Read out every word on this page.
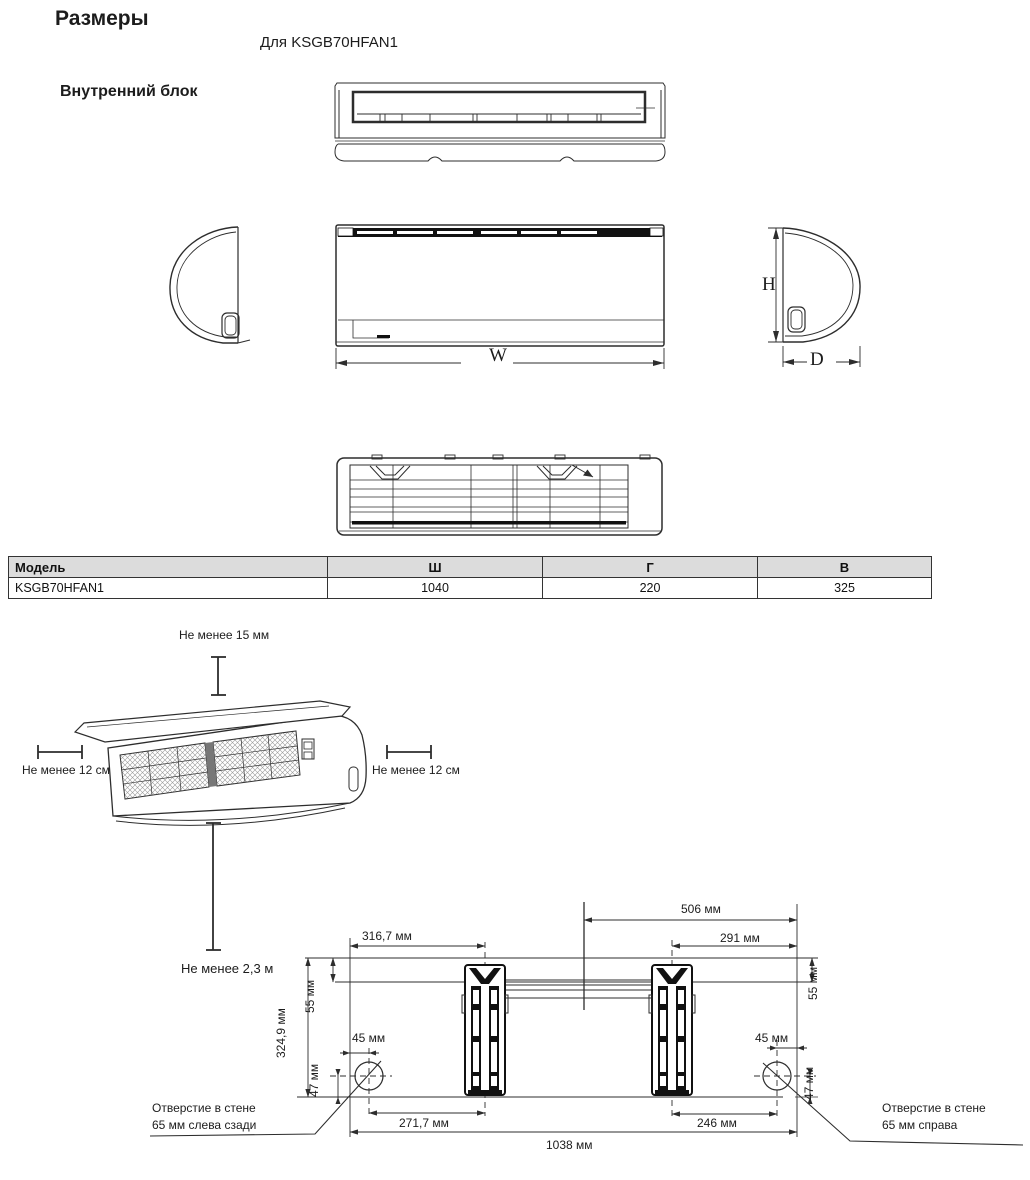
Размеры
Для KSGB70HFAN1
Внутренний блок
W
H
D
Модель	Ш	Г	В
KSGB70HFAN1	1040	220	325
Не менее 15 мм
Не менее 12 см	Не менее 12 см
Не менее 2,3 м
506 мм
316,7 мм	291 мм
55 мм	55 мм
324,9 мм	45 мм	45 мм
47 мм	47 мм
271,7 мм	246 мм
1038 мм
Отверстие в стене
65 мм слева сзади
Отверстие в стене
65 мм справа
